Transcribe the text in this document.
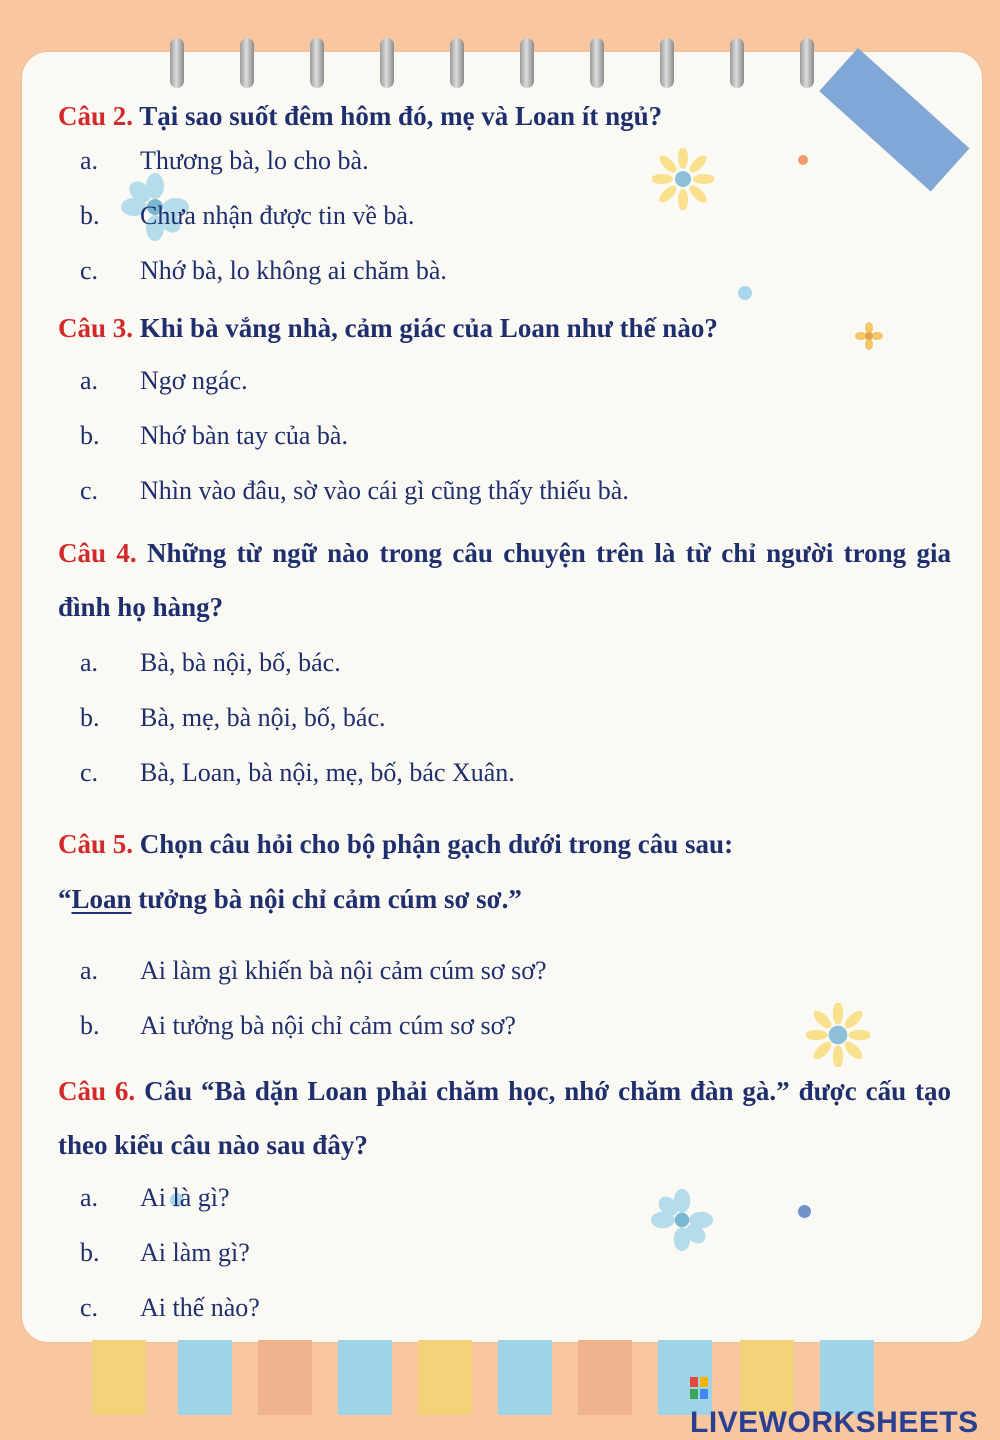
Câu 2. Tại sao suốt đêm hôm đó, mẹ và Loan ít ngủ?
a. Thương bà, lo cho bà.
b. Chưa nhận được tin về bà.
c. Nhớ bà, lo không ai chăm bà.
Câu 3. Khi bà vắng nhà, cảm giác của Loan như thế nào?
a. Ngơ ngác.
b. Nhớ bàn tay của bà.
c. Nhìn vào đâu, sờ vào cái gì cũng thấy thiếu bà.
Câu 4. Những từ ngữ nào trong câu chuyện trên là từ chỉ người trong gia đình họ hàng?
a. Bà, bà nội, bố, bác.
b. Bà, mẹ, bà nội, bố, bác.
c. Bà, Loan, bà nội, mẹ, bố, bác Xuân.
Câu 5. Chọn câu hỏi cho bộ phận gạch dưới trong câu sau:
“Loan tưởng bà nội chỉ cảm cúm sơ sơ.”
a. Ai làm gì khiến bà nội cảm cúm sơ sơ?
b. Ai tưởng bà nội chỉ cảm cúm sơ sơ?
Câu 6. Câu “Bà dặn Loan phải chăm học, nhớ chăm đàn gà.” được cấu tạo theo kiểu câu nào sau đây?
a. Ai là gì?
b. Ai làm gì?
c. Ai thế nào?
LIVEWORKSHEETS
